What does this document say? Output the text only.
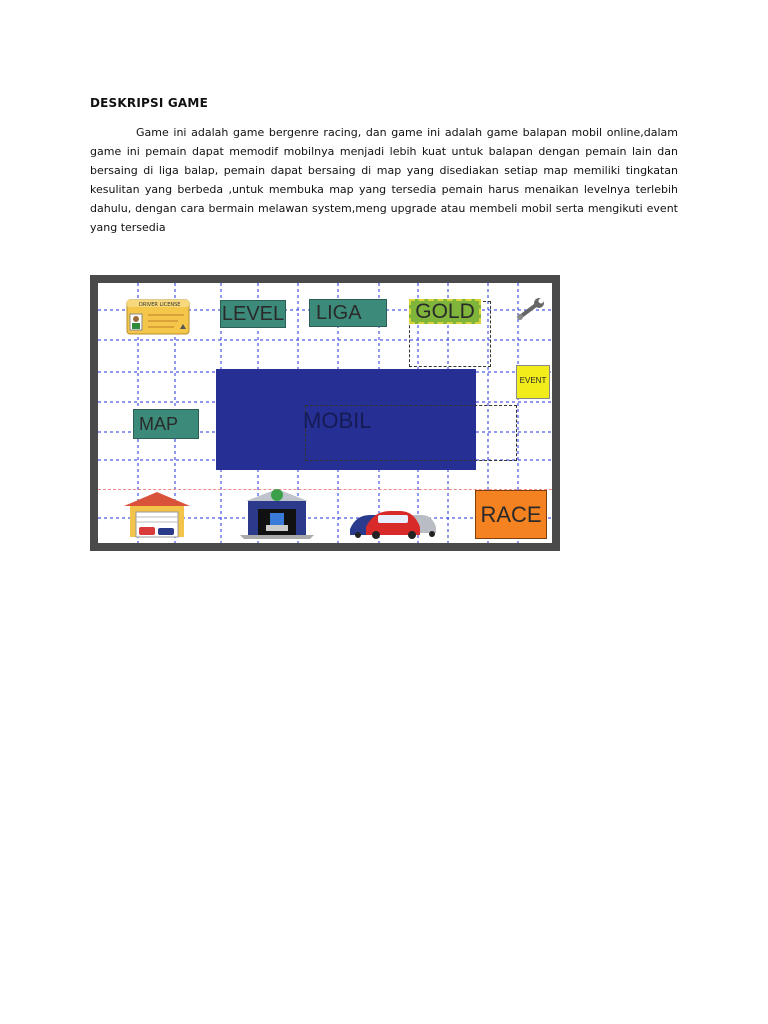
DESKRIPSI GAME

Game ini adalah game bergenre racing, dan game ini adalah game balapan mobil online,dalam game ini pemain dapat memodif mobilnya menjadi lebih kuat untuk balapan dengan pemain lain dan bersaing di liga balap, pemain dapat bersaing di map yang disediakan setiap map memiliki tingkatan kesulitan yang berbeda ,untuk membuka map yang tersedia pemain harus menaikan levelnya terlebih dahulu, dengan cara bermain melawan system,meng upgrade atau membeli mobil serta mengikuti event yang tersedia

DRIVER LICENSE LEVEL	LIGA	GOLD
EVENT
MAP	MOBIL
RACE
